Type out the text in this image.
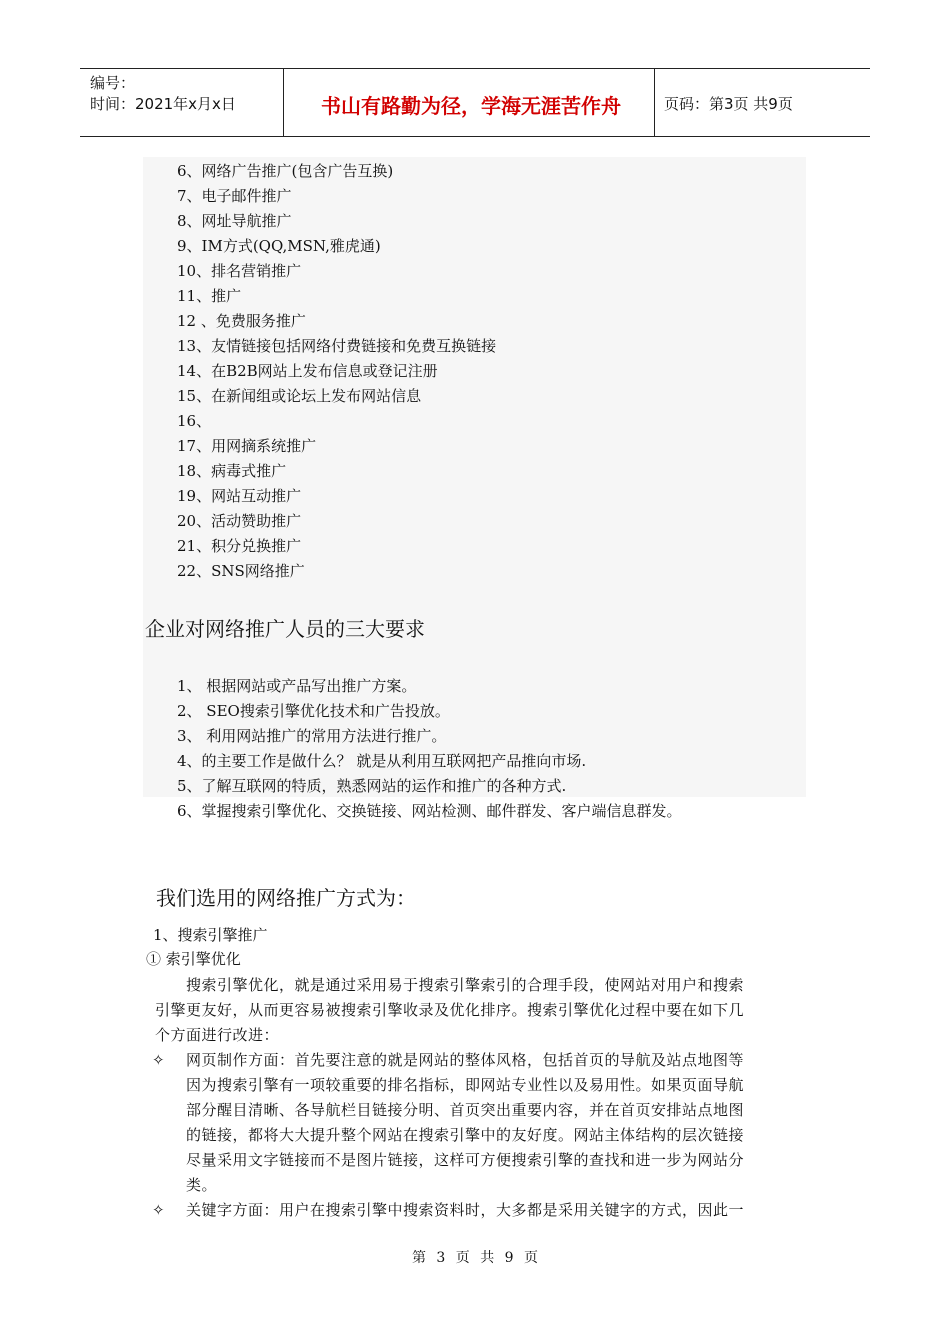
编号：
时间：2021年x月x日	书山有路勤为径，学海无涯苦作舟	页码：第3页 共9页
6、网络广告推广(包含广告互换)
7、电子邮件推广
8、网址导航推广
9、IM方式(QQ,MSN,雅虎通)
10、排名营销推广
11、推广
12 、免费服务推广
13、友情链接包括网络付费链接和免费互换链接
14、在B2B网站上发布信息或登记注册
15、在新闻组或论坛上发布网站信息
16、
17、用网摘系统推广
18、病毒式推广
19、网站互动推广
20、活动赞助推广
21、积分兑换推广
22、SNS网络推广
企业对网络推广人员的三大要求
1、 根据网站或产品写出推广方案。
2、 SEO搜索引擎优化技术和广告投放。
3、 利用网站推广的常用方法进行推广。
4、的主要工作是做什么？ 就是从利用互联网把产品推向市场.
5、了解互联网的特质，熟悉网站的运作和推广的各种方式.
6、掌握搜索引擎优化、交换链接、网站检测、邮件群发、客户端信息群发。
我们选用的网络推广方式为：
1、搜索引擎推广
① 索引擎优化
搜索引擎优化，就是通过采用易于搜索引擎索引的合理手段，使网站对用户和搜索
引擎更友好，从而更容易被搜索引擎收录及优化排序。搜索引擎优化过程中要在如下几
个方面进行改进：
✧ 网页制作方面：首先要注意的就是网站的整体风格，包括首页的导航及站点地图等
因为搜索引擎有一项较重要的排名指标，即网站专业性以及易用性。如果页面导航
部分醒目清晰、各导航栏目链接分明、首页突出重要内容，并在首页安排站点地图
的链接，都将大大提升整个网站在搜索引擎中的友好度。网站主体结构的层次链接
尽量采用文字链接而不是图片链接，这样可方便搜索引擎的查找和进一步为网站分
类。
✧ 关键字方面：用户在搜索引擎中搜索资料时，大多都是采用关键字的方式，因此一
第 3 页 共 9 页
